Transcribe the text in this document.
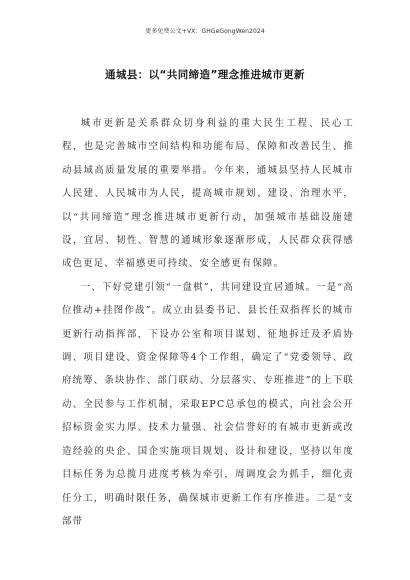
更多免费公文+VX：GHGeGongWen2024
通城县：以“共同缔造”理念推进城市更新

城市更新是关系群众切身利益的重大民生工程、民心工程，也是完善城市空间结构和功能布局、保障和改善民生、推动县域高质量发展的重要举措。今年来，通城县坚持人民城市人民建、人民城市为人民，提高城市规划、建设、治理水平，以“共同缔造”理念推进城市更新行动，加强城市基础设施建设，宜居、韧性、智慧的通城形象逐渐形成，人民群众获得感成色更足、幸福感更可持续、安全感更有保障。

一、下好党建引领“一盘棋”，共同建设宜居通城。一是“高位推动+挂图作战”。成立由县委书记、县长任双指挥长的城市更新行动指挥部，下设办公室和项目谋划、征地拆迁及矛盾协调、项目建设、资金保障等4个工作组，确定了“党委领导、政府统筹、条块协作、部门联动、分层落实、专班推进”的上下联动、全民参与工作机制，采取EPC总承包的模式，向社会公开招标资金实力厚、技术力量强、社会信誉好的有城市更新或改造经验的央企、国企实施项目规划、设计和建设，坚持以年度目标任务为总揽月进度考核为牵引，周调度会为抓手，细化责任分工，明确时限任务，确保城市更新工作有序推进。二是“支部带
